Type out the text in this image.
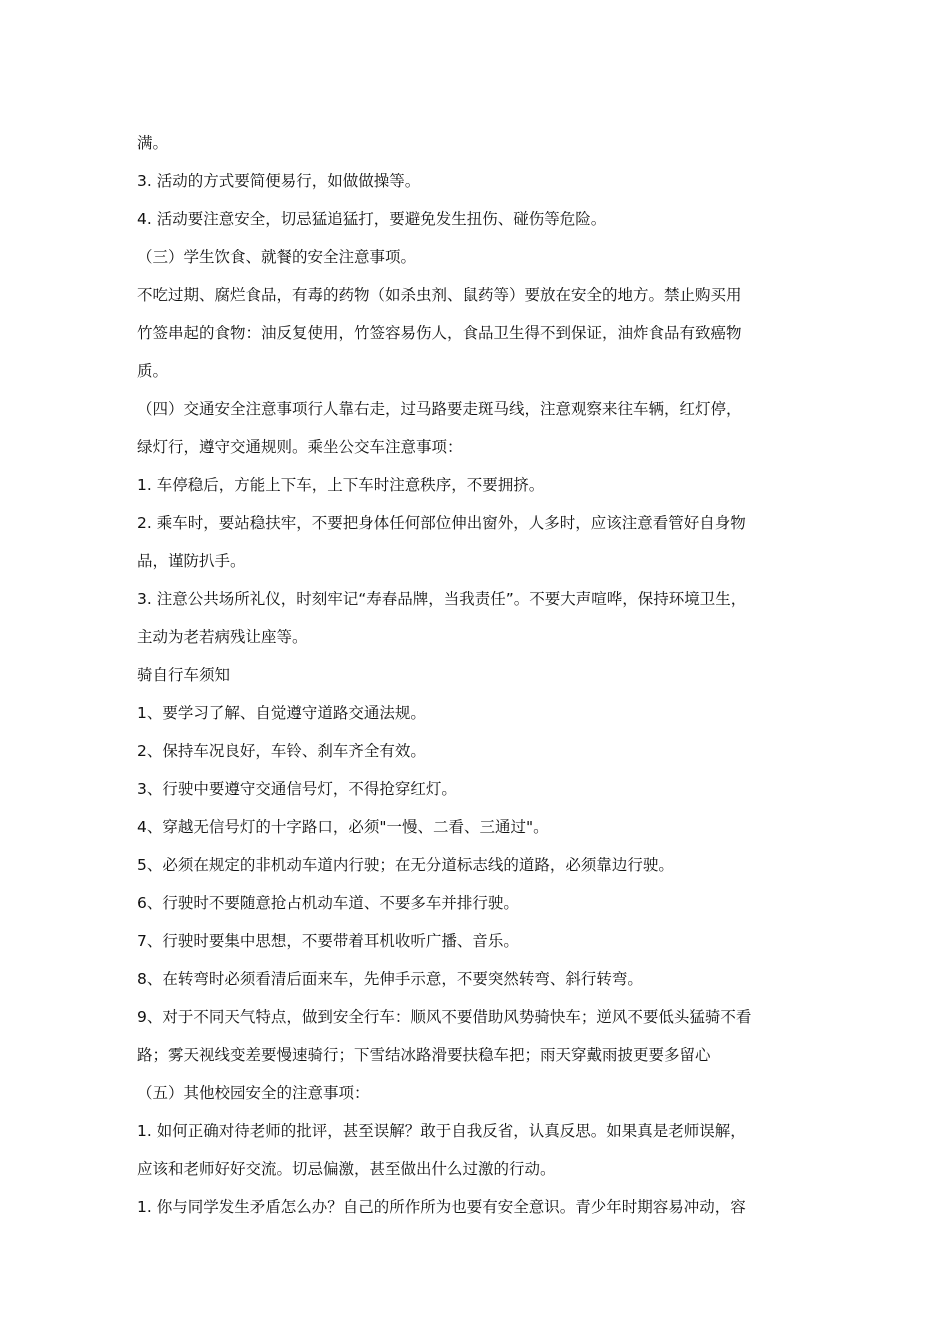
满。
3. 活动的方式要简便易行，如做做操等。
4. 活动要注意安全，切忌猛追猛打，要避免发生扭伤、碰伤等危险。
（三）学生饮食、就餐的安全注意事项。
不吃过期、腐烂食品，有毒的药物（如杀虫剂、鼠药等）要放在安全的地方。禁止购买用
竹签串起的食物：油反复使用，竹签容易伤人，食品卫生得不到保证，油炸食品有致癌物
质。
（四）交通安全注意事项行人靠右走，过马路要走斑马线，注意观察来往车辆，红灯停，
绿灯行，遵守交通规则。乘坐公交车注意事项：
1. 车停稳后，方能上下车，上下车时注意秩序，不要拥挤。
2. 乘车时，要站稳扶牢，不要把身体任何部位伸出窗外，人多时，应该注意看管好自身物
品，谨防扒手。
3. 注意公共场所礼仪，时刻牢记“寿春品牌，当我责任”。不要大声喧哗，保持环境卫生，
主动为老若病残让座等。
骑自行车须知
1、要学习了解、自觉遵守道路交通法规。
2、保持车况良好，车铃、刹车齐全有效。
3、行驶中要遵守交通信号灯，不得抢穿红灯。
4、穿越无信号灯的十字路口，必须"一慢、二看、三通过"。
5、必须在规定的非机动车道内行驶；在无分道标志线的道路，必须靠边行驶。
6、行驶时不要随意抢占机动车道、不要多车并排行驶。
7、行驶时要集中思想，不要带着耳机收听广播、音乐。
8、在转弯时必须看清后面来车，先伸手示意，不要突然转弯、斜行转弯。
9、对于不同天气特点，做到安全行车：顺风不要借助风势骑快车；逆风不要低头猛骑不看
路；雾天视线变差要慢速骑行；下雪结冰路滑要扶稳车把；雨天穿戴雨披更要多留心
（五）其他校园安全的注意事项：
1. 如何正确对待老师的批评，甚至误解？敢于自我反省，认真反思。如果真是老师误解，
应该和老师好好交流。切忌偏激，甚至做出什么过激的行动。
1. 你与同学发生矛盾怎么办？自己的所作所为也要有安全意识。青少年时期容易冲动，容
